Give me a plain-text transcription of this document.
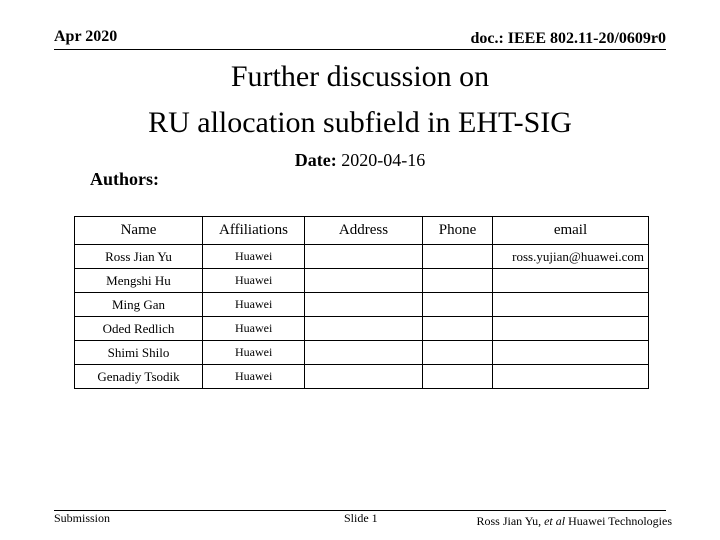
Apr 2020	doc.: IEEE 802.11-20/0609r0
Further discussion on
RU allocation subfield in EHT-SIG
Date: 2020-04-16
Authors:
Name	Affiliations	Address	Phone	email
Ross Jian Yu	Huawei			ross.yujian@huawei.com
Mengshi Hu	Huawei			
Ming Gan	Huawei			
Oded Redlich	Huawei			
Shimi Shilo	Huawei			
Genadiy Tsodik	Huawei			
Submission	Slide 1	Ross Jian Yu, et al Huawei Technologies
